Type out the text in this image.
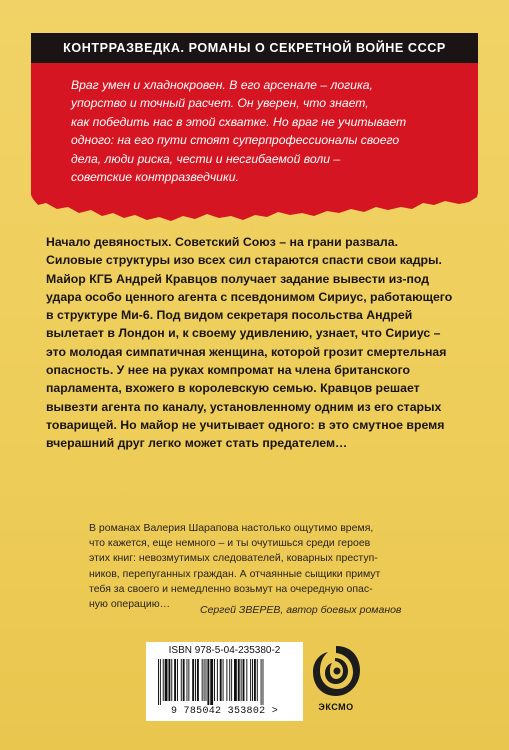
КОНТРРАЗВЕДКА. РОМАНЫ О СЕКРЕТНОЙ ВОЙНЕ СССР
Враг умен и хладнокровен. В его арсенале – логика,
упорство и точный расчет. Он уверен, что знает,
как победить нас в этой схватке. Но враг не учитывает
одного: на его пути стоят суперпрофессионалы своего
дела, люди риска, чести и несгибаемой воли –
советские контрразведчики.
Начало девяностых. Советский Союз – на грани развала.
Силовые структуры изо всех сил стараются спасти свои кадры.
Майор КГБ Андрей Кравцов получает задание вывести из-под
удара особо ценного агента с псевдонимом Сириус, работающего
в структуре Ми-6. Под видом секретаря посольства Андрей
вылетает в Лондон и, к своему удивлению, узнает, что Сириус –
это молодая симпатичная женщина, которой грозит смертельная
опасность. У нее на руках компромат на члена британского
парламента, вхожего в королевскую семью. Кравцов решает
вывезти агента по каналу, установленному одним из его старых
товарищей. Но майор не учитывает одного: в это смутное время
вчерашний друг легко может стать предателем…
В романах Валерия Шарапова настолько ощутимо время,
что кажется, еще немного – и ты очутишься среди героев
этих книг: невозмутимых следователей, коварных преступ-
ников, перепуганных граждан. А отчаянные сыщики примут
тебя за своего и немедленно возьмут на очередную опас-
ную операцию…	Сергей ЗВЕРЕВ, автор боевых романов
ISBN 978-5-04-235380-2
9 785042 353802 >	ЭКСМО
